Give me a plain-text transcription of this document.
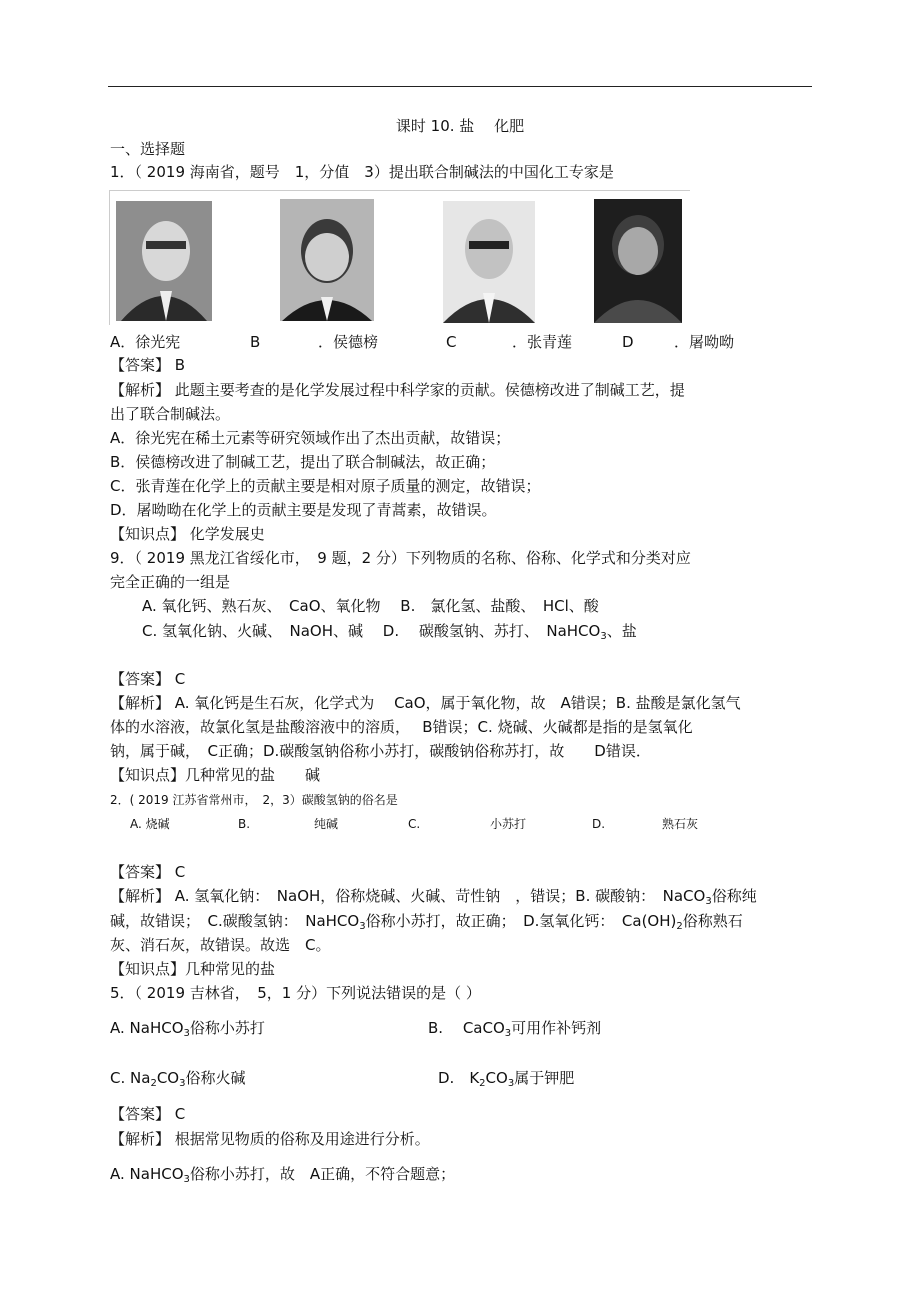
课时 10. 盐　 化肥
一、选择题
1．（ 2019 海南省，题号　1，分值　3）提出联合制碱法的中国化工专家是
A．徐光宪	B	．侯德榜	C	．张青莲	D	．屠呦呦
【答案】 B
【解析】 此题主要考查的是化学发展过程中科学家的贡献。侯德榜改进了制碱工艺，提
出了联合制碱法。
A．徐光宪在稀土元素等研究领域作出了杰出贡献，故错误；
B．侯德榜改进了制碱工艺，提出了联合制碱法，故正确；
C．张青莲在化学上的贡献主要是相对原子质量的测定，故错误；
D．屠呦呦在化学上的贡献主要是发现了青蒿素，故错误。
【知识点】 化学发展史
9．（ 2019 黑龙江省绥化市，　9 题，2 分）下列物质的名称、俗称、化学式和分类对应
完全正确的一组是
A. 氧化钙、熟石灰、　CaO、氧化物　 B.　氯化氢、盐酸、　HCl、酸
C. 氢氧化钠、火碱、　NaOH、碱　 D.　 碳酸氢钠、苏打、　NaHCO$_3$、盐
【答案】 C
【解析】 A. 氧化钙是生石灰，化学式为　 CaO，属于氧化物，故　A错误；B. 盐酸是氯化氢气
体的水溶液，故氯化氢是盐酸溶液中的溶质，　 B错误；C. 烧碱、火碱都是指的是氢氧化
钠，属于碱，　C正确；D.碳酸氢钠俗称小苏打，碳酸钠俗称苏打，故　　D错误．
【知识点】几种常见的盐　　碱
2．( 2019 江苏省常州市，　2，3）碳酸氢钠的俗名是
A. 烧碱	B.	纯碱	C.	小苏打	D.	熟石灰
【答案】 C
【解析】 A. 氢氧化钠：　NaOH，俗称烧碱、火碱、苛性钠　，错误；B. 碳酸钠：　NaCO$_3$俗称纯
碱，故错误；　C.碳酸氢钠：　NaHCO$_3$俗称小苏打，故正确；　D.氢氧化钙：　$Ca(OH)_2$俗称熟石
灰、消石灰，故错误。故选　C。
【知识点】几种常见的盐
5．（ 2019 吉林省，　5，1 分）下列说法错误的是（ ）
A. NaHCO$_3$俗称小苏打	B.　 CaCO$_3$可用作补钙剂
C. $Na_2CO_3$俗称火碱	D.　$K_2CO_3$属于钾肥
【答案】 C
【解析】 根据常见物质的俗称及用途进行分析。
A. NaHCO$_3$俗称小苏打，故　A正确，不符合题意；
